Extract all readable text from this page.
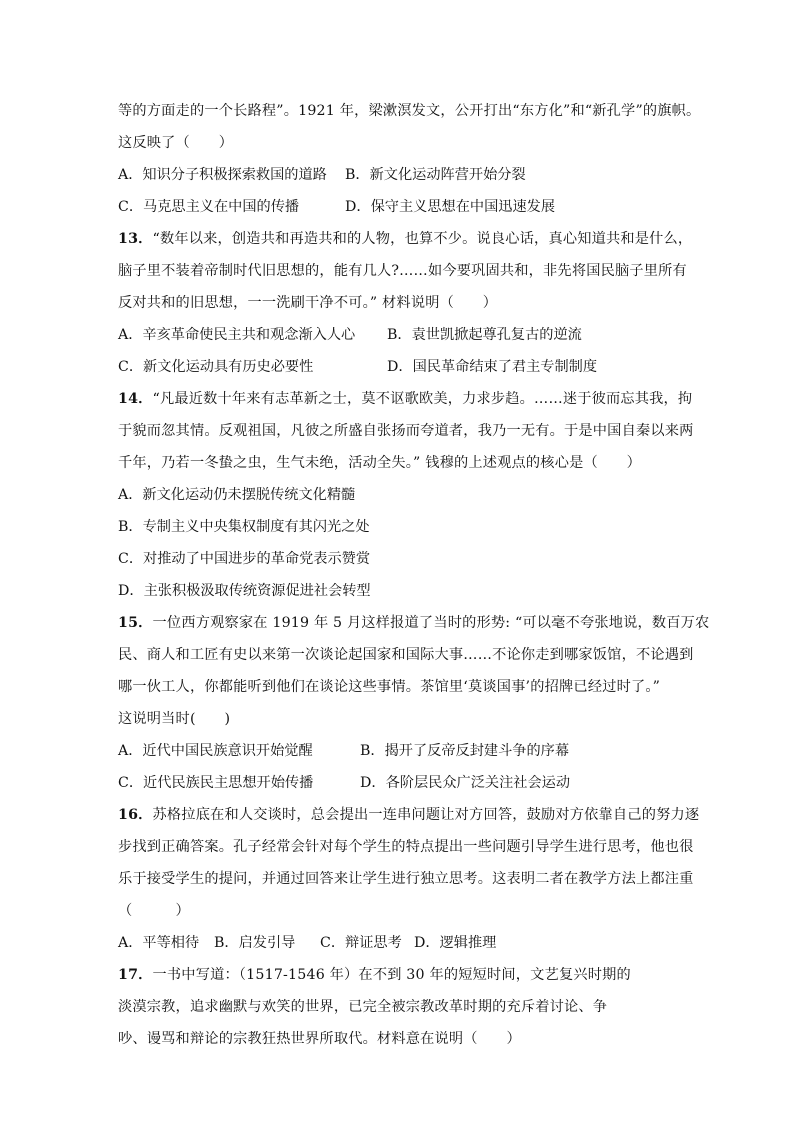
等的方面走的一个长路程”。1921 年，梁漱溟发文，公开打出“东方化”和“新孔学”的旗帜。
这反映了（　　）
A．知识分子积极探索救国的道路 B．新文化运动阵营开始分裂
C．马克思主义在中国的传播	D．保守主义思想在中国迅速发展
13．“数年以来，创造共和再造共和的人物，也算不少。说良心话，真心知道共和是什么，
脑子里不装着帝制时代旧思想的，能有几人?……如今要巩固共和，非先将国民脑子里所有
反对共和的旧思想，一一洗刷干净不可。” 材料说明（　　）
A．辛亥革命使民主共和观念渐入人心 B．袁世凯掀起尊孔复古的逆流
C．新文化运动具有历史必要性	D．国民革命结束了君主专制制度
14．“凡最近数十年来有志革新之士，莫不讴歌欧美，力求步趋。……迷于彼而忘其我，拘
于貌而忽其情。反观祖国，凡彼之所盛自张扬而夸道者，我乃一无有。于是中国自秦以来两
千年，乃若一冬蛰之虫，生气未绝，活动全失。” 钱穆的上述观点的核心是（　　）
A．新文化运动仍未摆脱传统文化精髓
B．专制主义中央集权制度有其闪光之处
C．对推动了中国进步的革命党表示赞赏
D．主张积极汲取传统资源促进社会转型
15．一位西方观察家在 1919 年 5 月这样报道了当时的形势: “可以毫不夸张地说，数百万农
民、商人和工匠有史以来第一次谈论起国家和国际大事……不论你走到哪家饭馆，不论遇到
哪一伙工人，你都能听到他们在谈论这些事情。茶馆里‘莫谈国事’的招牌已经过时了。”
这说明当时(　　)
A．近代中国民族意识开始觉醒	B．揭开了反帝反封建斗争的序幕
C．近代民族民主思想开始传播	D．各阶层民众广泛关注社会运动
16．苏格拉底在和人交谈时，总会提出一连串问题让对方回答，鼓励对方依靠自己的努力逐
步找到正确答案。孔子经常会针对每个学生的特点提出一些问题引导学生进行思考，他也很
乐于接受学生的提问，并通过回答来让学生进行独立思考。这表明二者在教学方法上都注重
（　　　）
A．平等相待 B．启发引导 C．辩证思考 D．逻辑推理
17．一书中写道：（1517-1546 年）在不到 30 年的短短时间，文艺复兴时期的
淡漠宗教，追求幽默与欢笑的世界，已完全被宗教改革时期的充斥着讨论、争
吵、谩骂和辩论的宗教狂热世界所取代。材料意在说明（　　）
